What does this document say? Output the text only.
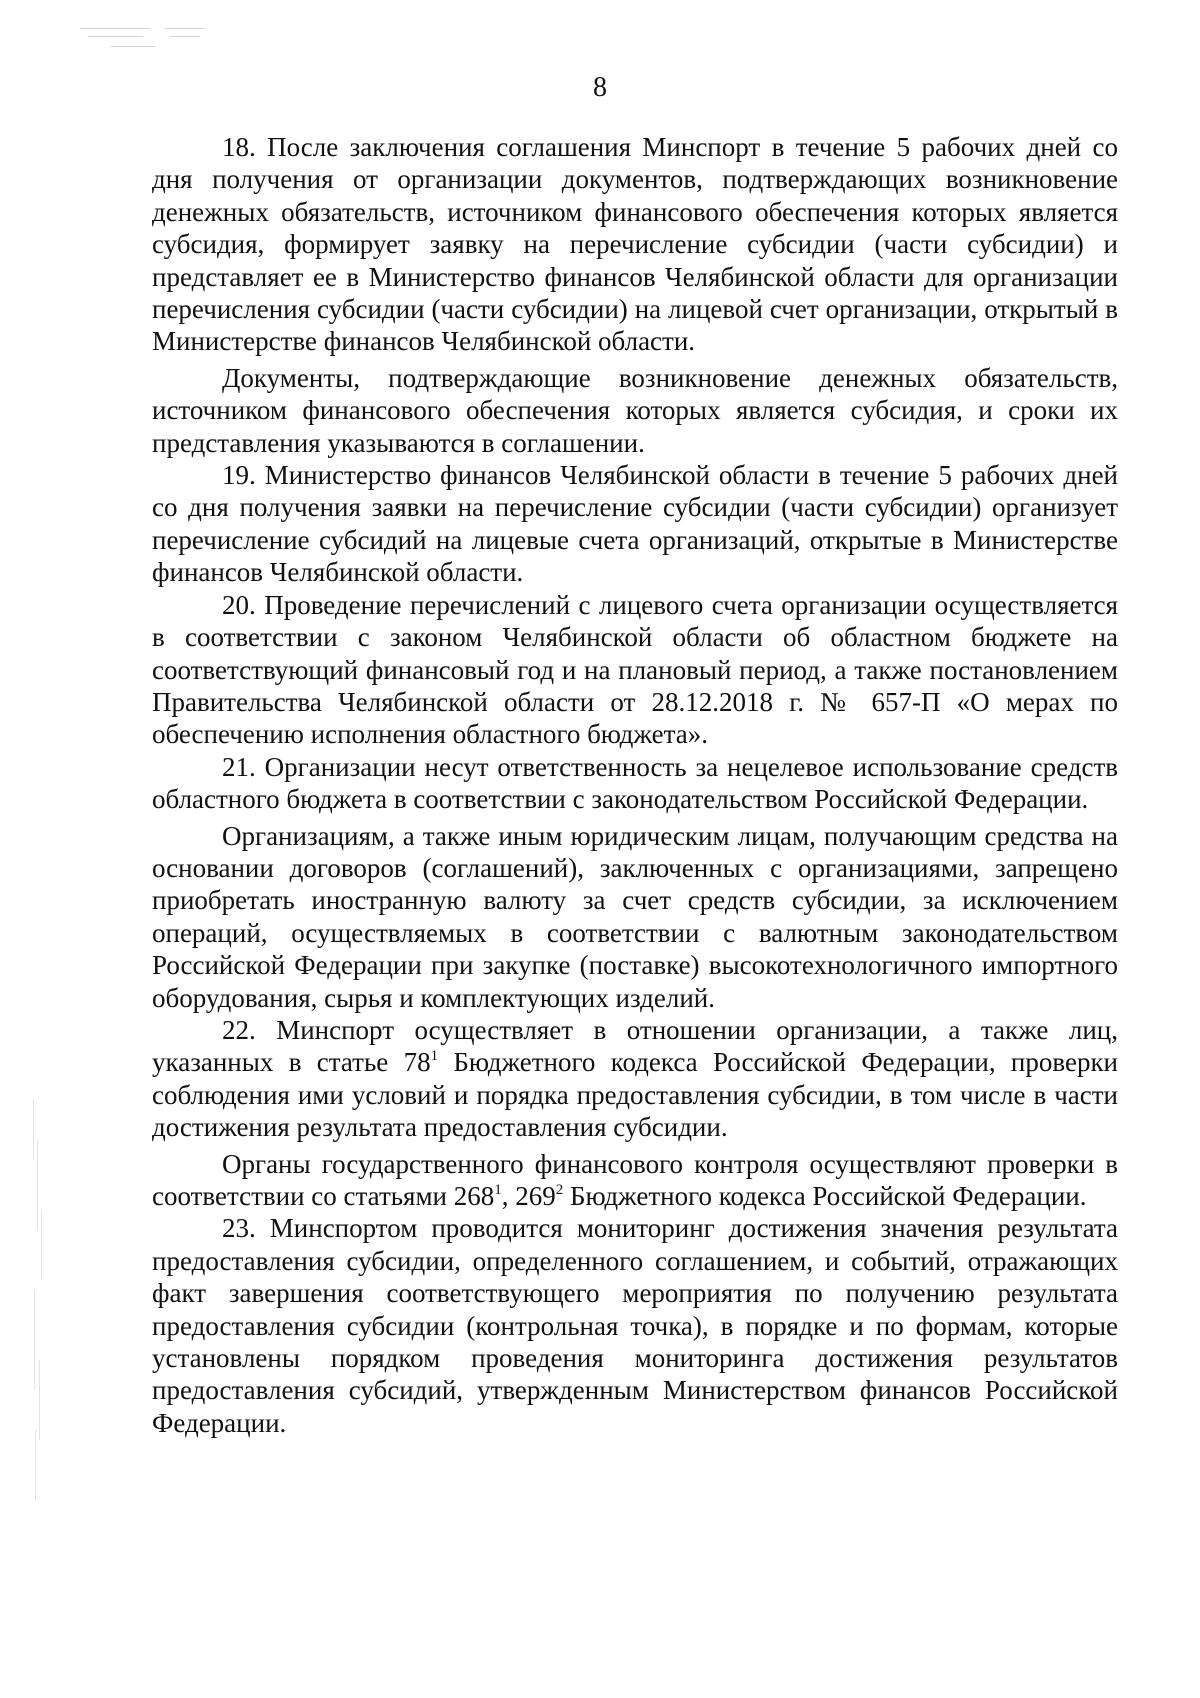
8

18. После заключения соглашения Минспорт в течение 5 рабочих дней со дня получения от организации документов, подтверждающих возникновение денежных обязательств, источником финансового обеспечения которых является субсидия, формирует заявку на перечисление субсидии (части субсидии) и представляет ее в Министерство финансов Челябинской области для организации перечисления субсидии (части субсидии) на лицевой счет организации, открытый в Министерстве финансов Челябинской области.

Документы, подтверждающие возникновение денежных обязательств, источником финансового обеспечения которых является субсидия, и сроки их представления указываются в соглашении.

19. Министерство финансов Челябинской области в течение 5 рабочих дней со дня получения заявки на перечисление субсидии (части субсидии) организует перечисление субсидий на лицевые счета организаций, открытые в Министерстве финансов Челябинской области.

20. Проведение перечислений с лицевого счета организации осуществляется в соответствии с законом Челябинской области об областном бюджете на соответствующий финансовый год и на плановый период, а также постановлением Правительства Челябинской области от 28.12.2018 г. № 657-П «О мерах по обеспечению исполнения областного бюджета».

21. Организации несут ответственность за нецелевое использование средств областного бюджета в соответствии с законодательством Российской Федерации.

Организациям, а также иным юридическим лицам, получающим средства на основании договоров (соглашений), заключенных с организациями, запрещено приобретать иностранную валюту за счет средств субсидии, за исключением операций, осуществляемых в соответствии с валютным законодательством Российской Федерации при закупке (поставке) высокотехнологичного импортного оборудования, сырья и комплектующих изделий.

22. Минспорт осуществляет в отношении организации, а также лиц, указанных в статье $78^1$ Бюджетного кодекса Российской Федерации, проверки соблюдения ими условий и порядка предоставления субсидии, в том числе в части достижения результата предоставления субсидии.

Органы государственного финансового контроля осуществляют проверки в соответствии со статьями $268^1$, $269^2$ Бюджетного кодекса Российской Федерации.

23. Минспортом проводится мониторинг достижения значения результата предоставления субсидии, определенного соглашением, и событий, отражающих факт завершения соответствующего мероприятия по получению результата предоставления субсидии (контрольная точка), в порядке и по формам, которые установлены порядком проведения мониторинга достижения результатов предоставления субсидий, утвержденным Министерством финансов Российской Федерации.
